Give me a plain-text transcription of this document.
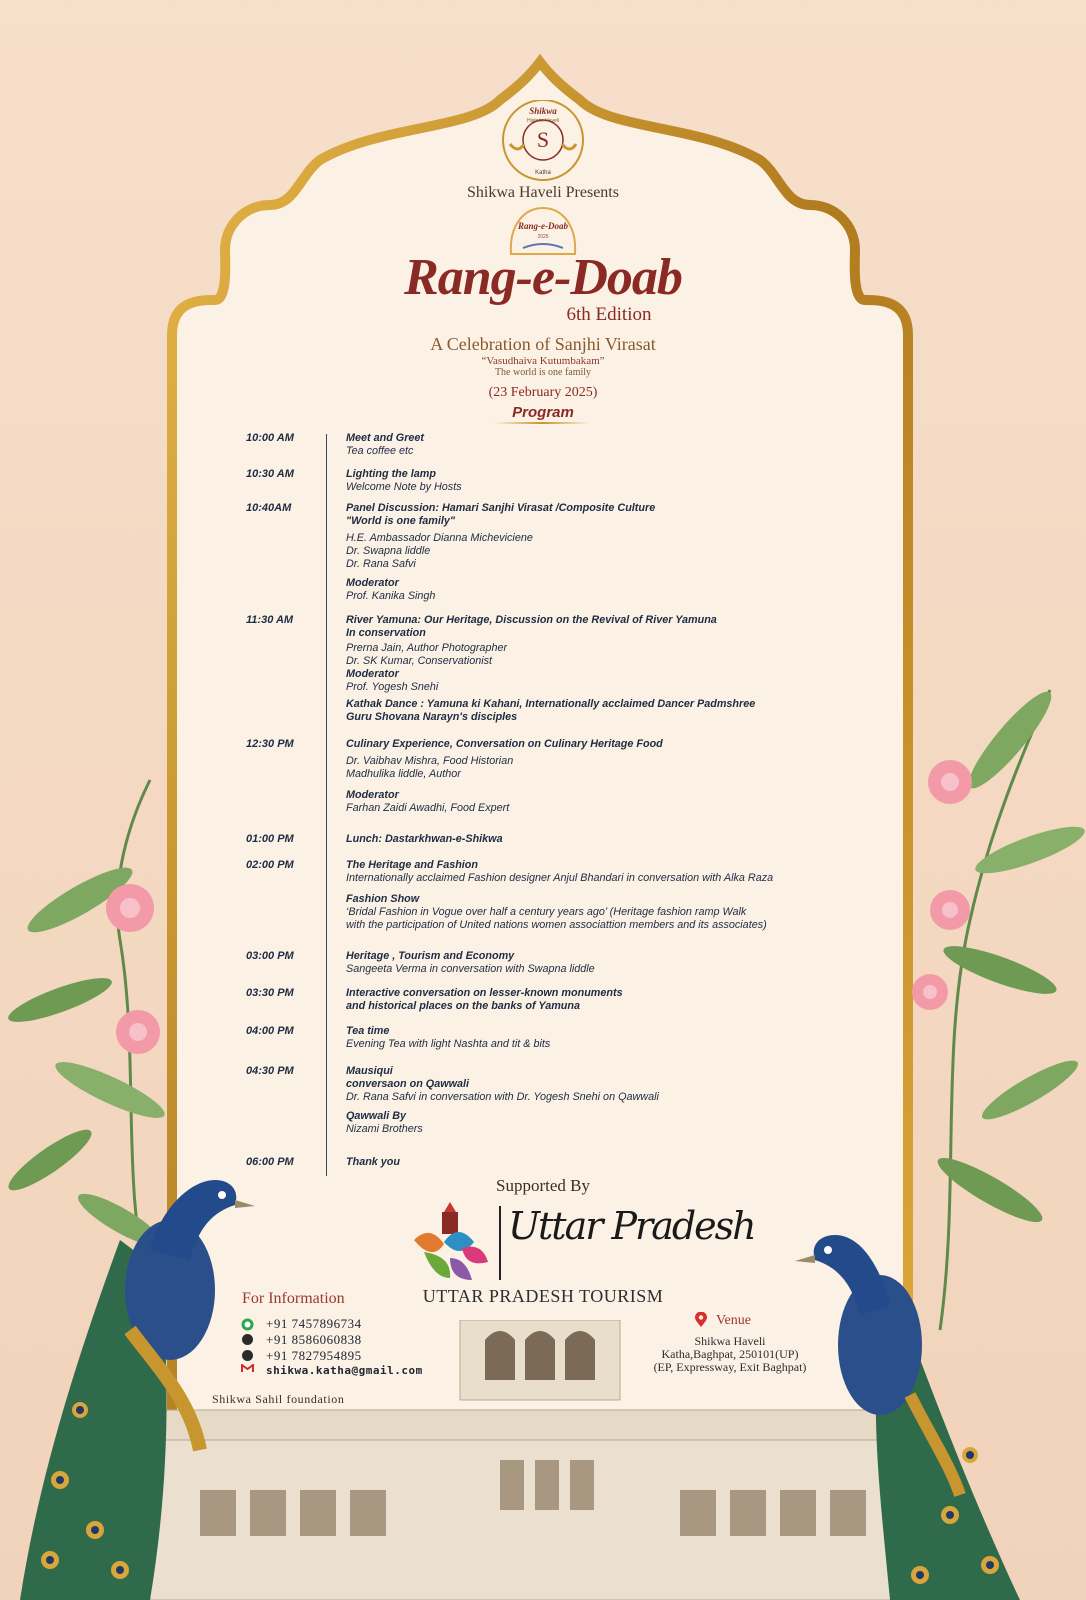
S
Shikwa
Historic Haveli
Katha
Shikwa Haveli Presents
Rang-e-Doab
2025
Rang-e-Doab
6th Edition
A Celebration of Sanjhi Virasat
“Vasudhaiva Kutumbakam”
The world is one family
(23 February 2025)
Program
10:00 AM	Meet and Greet
Tea coffee etc
10:30 AM	Lighting the lamp
Welcome Note by Hosts
10:40AM	Panel Discussion: Hamari Sanjhi Virasat /Composite Culture
"World is one family"
H.E. Ambassador Dianna Micheviciene
Dr. Swapna liddle
Dr. Rana Safvi
Moderator
Prof. Kanika Singh
11:30 AM	River Yamuna: Our Heritage, Discussion on the Revival of River Yamuna
In conservation
Prerna Jain, Author Photographer
Dr. SK Kumar, Conservationist
Moderator
Prof. Yogesh Snehi
Kathak Dance : Yamuna ki Kahani, Internationally acclaimed Dancer Padmshree
Guru Shovana Narayn's disciples
12:30 PM	Culinary Experience, Conversation on Culinary Heritage Food
Dr. Vaibhav Mishra, Food Historian
Madhulika liddle, Author
Moderator
Farhan Zaidi Awadhi, Food Expert
01:00 PM	Lunch: Dastarkhwan-e-Shikwa
02:00 PM	The Heritage and Fashion
Internationally acclaimed Fashion designer Anjul Bhandari in conversation with Alka Raza
Fashion Show
‘Bridal Fashion in Vogue over half a century years ago’ (Heritage fashion ramp Walk
with the participation of United nations women associattion members and its associates)
03:00 PM	Heritage , Tourism and Economy
Sangeeta Verma in conversation with Swapna liddle
03:30 PM	Interactive conversation on lesser-known monuments
and historical places on the banks of Yamuna
04:00 PM	Tea time
Evening Tea with light Nashta and tit & bits
04:30 PM	Mausiqui
conversaon on Qawwali
Dr. Rana Safvi in conversation with Dr. Yogesh Snehi on Qawwali
Qawwali By
Nizami Brothers
06:00 PM	Thank you
Supported By
Uttar Pradesh
UTTAR PRADESH TOURISM
For Information
+91 7457896734
+91 8586060838
+91 7827954895
shikwa.katha@gmail.com
Shikwa Sahil foundation
Venue
Shikwa Haveli
Katha,Baghpat, 250101(UP)
(EP, Expressway, Exit Baghpat)
